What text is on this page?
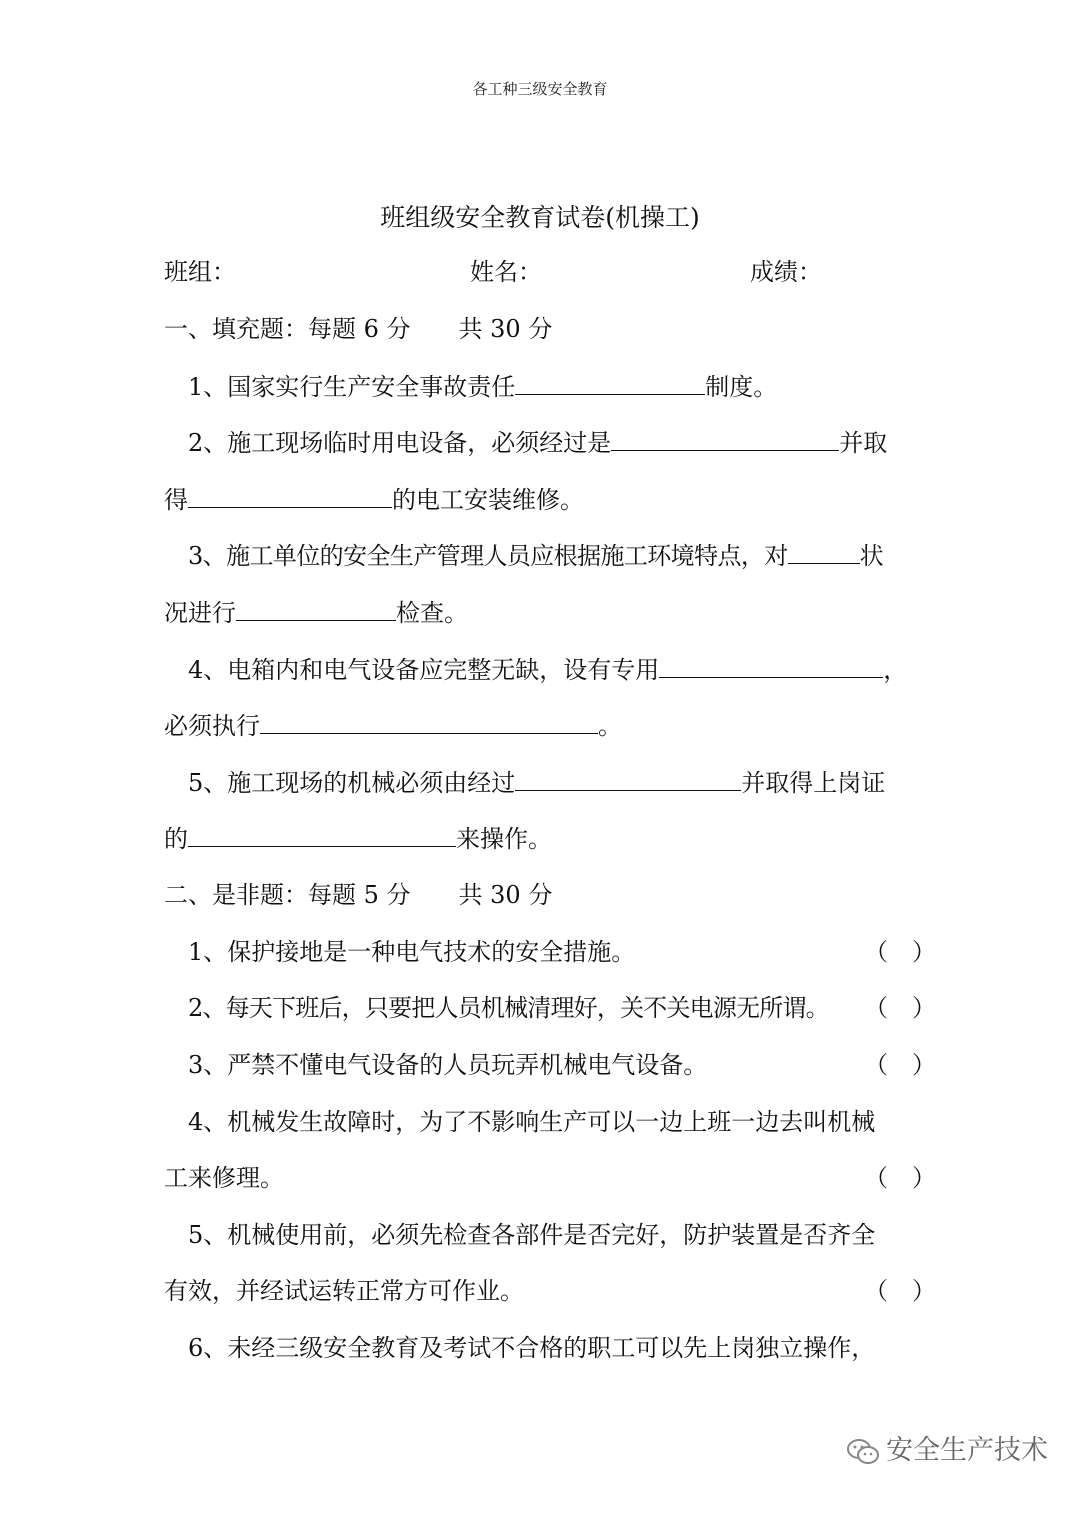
各工种三级安全教育
班组级安全教育试卷(机操工)
班组：	姓名：	成绩：
一、填充题：每题 6 分　　共 30 分
1、国家实行生产安全事故责任	制度。
2、施工现场临时用电设备，必须经过是	并取
得	的电工安装维修。
3、施工单位的安全生产管理人员应根据施工环境特点，对	状
况进行	检查。
4、电箱内和电气设备应完整无缺，设有专用	，
必须执行	。
5、施工现场的机械必须由经过	并取得上岗证
的	来操作。
二、是非题：每题 5 分　　共 30 分
1、保护接地是一种电气技术的安全措施。	（　）
2、每天下班后，只要把人员机械清理好，关不关电源无所谓。 （　）
3、严禁不懂电气设备的人员玩弄机械电气设备。	（　）
4、机械发生故障时，为了不影响生产可以一边上班一边去叫机械
工来修理。	（　）
5、机械使用前，必须先检查各部件是否完好，防护装置是否齐全
有效，并经试运转正常方可作业。	（　）
6、未经三级安全教育及考试不合格的职工可以先上岗独立操作，
安全生产技术
